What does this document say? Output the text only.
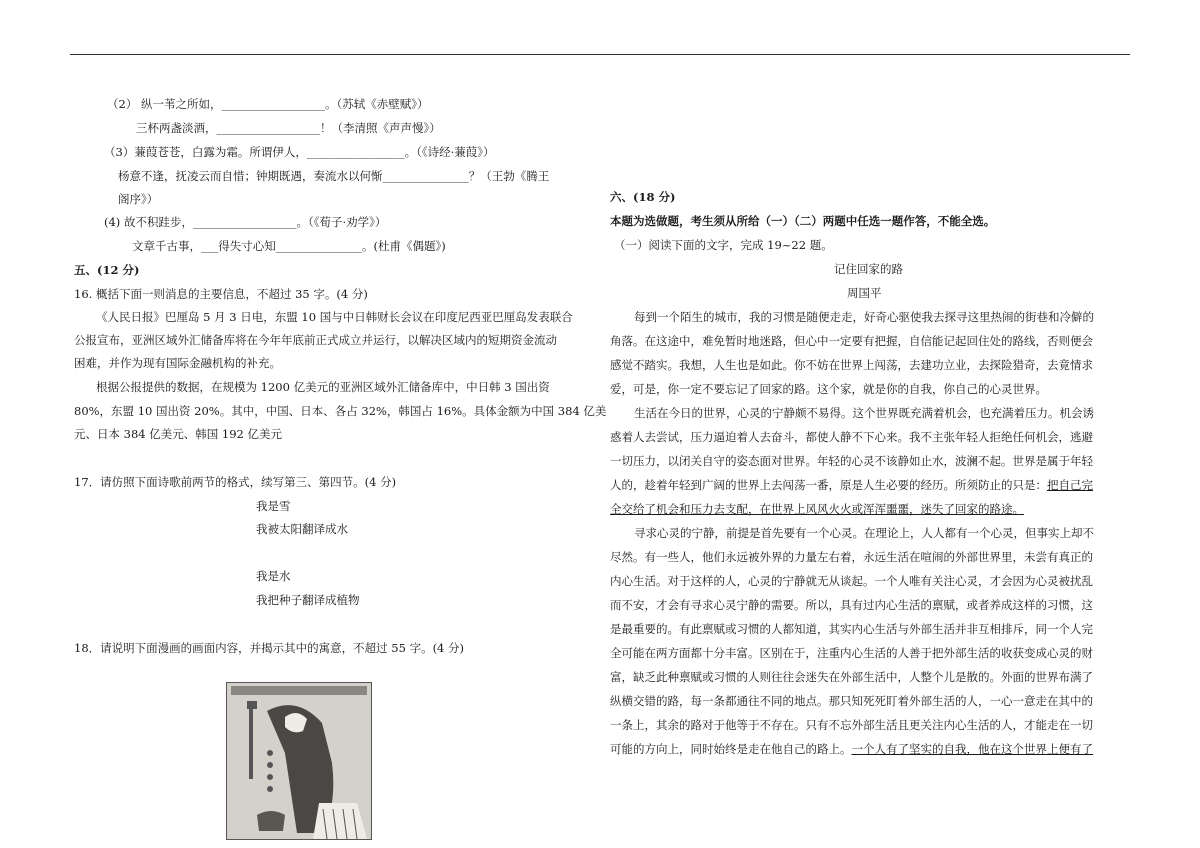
（2） 纵一苇之所如，__________________。（苏轼《赤壁赋》）
三杯两盏淡酒，__________________！（李清照《声声慢》）
（3）蒹葭苍苍，白露为霜。所谓伊人，_________________。（《诗经·蒹葭》）
杨意不逢，抚凌云而自惜；钟期既遇，奏流水以何惭_______________？（王勃《腾王
阁序》）
(4) 故不积跬步，__________________。（《荀子·劝学》）
文章千古事，___得失寸心知_______________。(杜甫《偶题》)
五、(12 分)
16. 概括下面一则消息的主要信息，不超过 35 字。(4 分)
《人民日报》巴厘岛 5 月 3 日电，东盟 10 国与中日韩财长会议在印度尼西亚巴厘岛发表联合
公报宣布，亚洲区域外汇储备库将在今年年底前正式成立并运行，以解决区域内的短期资金流动
困难，并作为现有国际金融机构的补充。
根据公报提供的数据，在规模为 1200 亿美元的亚洲区域外汇储备库中，中日韩 3 国出资
80%，东盟 10 国出资 20%。其中，中国、日本、各占 32%，韩国占 16%。具体金额为中国 384 亿美
元、日本 384 亿美元、韩国 192 亿美元
17．请仿照下面诗歌前两节的格式，续写第三、第四节。(4 分)
我是雪
我被太阳翻译成水
我是水
我把种子翻译成植物
18．请说明下面漫画的画面内容，并揭示其中的寓意，不超过 55 字。(4 分)
六、(18 分)
本题为选做题，考生须从所给（一）（二）两题中任选一题作答，不能全选。
（一）阅读下面的文字，完成 19~22 题。
记住回家的路
周国平
每到一个陌生的城市，我的习惯是随便走走，好奇心驱使我去探寻这里热闹的街巷和冷僻的
角落。在这途中，难免暂时地迷路，但心中一定要有把握，自信能记起回住处的路线，否则便会
感觉不踏实。我想，人生也是如此。你不妨在世界上闯荡，去建功立业，去探险猎奇，去竟情求
爱，可是，你一定不要忘记了回家的路。这个家，就是你的自我，你自己的心灵世界。
生活在今日的世界，心灵的宁静颇不易得。这个世界既充满着机会，也充满着压力。机会诱
惑着人去尝试，压力逼迫着人去奋斗，都使人静不下心来。我不主张年轻人拒绝任何机会，逃避
一切压力，以闭关自守的姿态面对世界。年轻的心灵不该静如止水，波澜不起。世界是属于年轻
人的，趁着年轻到广阔的世界上去闯荡一番，原是人生必要的经历。所须防止的只是：把自己完
全交给了机会和压力去支配，在世界上风风火火或浑浑噩噩，迷失了回家的路途。
寻求心灵的宁静，前提是首先要有一个心灵。在理论上，人人都有一个心灵，但事实上却不
尽然。有一些人，他们永远被外界的力量左右着，永远生活在喧闹的外部世界里，未尝有真正的
内心生活。对于这样的人，心灵的宁静就无从谈起。一个人唯有关注心灵，才会因为心灵被扰乱
而不安，才会有寻求心灵宁静的需要。所以，具有过内心生活的禀赋，或者养成这样的习惯，这
是最重要的。有此禀赋或习惯的人都知道，其实内心生活与外部生活并非互相排斥，同一个人完
全可能在两方面都十分丰富。区别在于，注重内心生活的人善于把外部生活的收获变成心灵的财
富，缺乏此种禀赋或习惯的人则往往会迷失在外部生活中，人整个儿是散的。外面的世界布满了
纵横交错的路，每一条都通往不同的地点。那只知死死盯着外部生活的人，一心一意走在其中的
一条上，其余的路对于他等于不存在。只有不忘外部生活且更关注内心生活的人，才能走在一切
可能的方向上，同时始终是走在他自己的路上。一个人有了坚实的自我，他在这个世界上便有了
